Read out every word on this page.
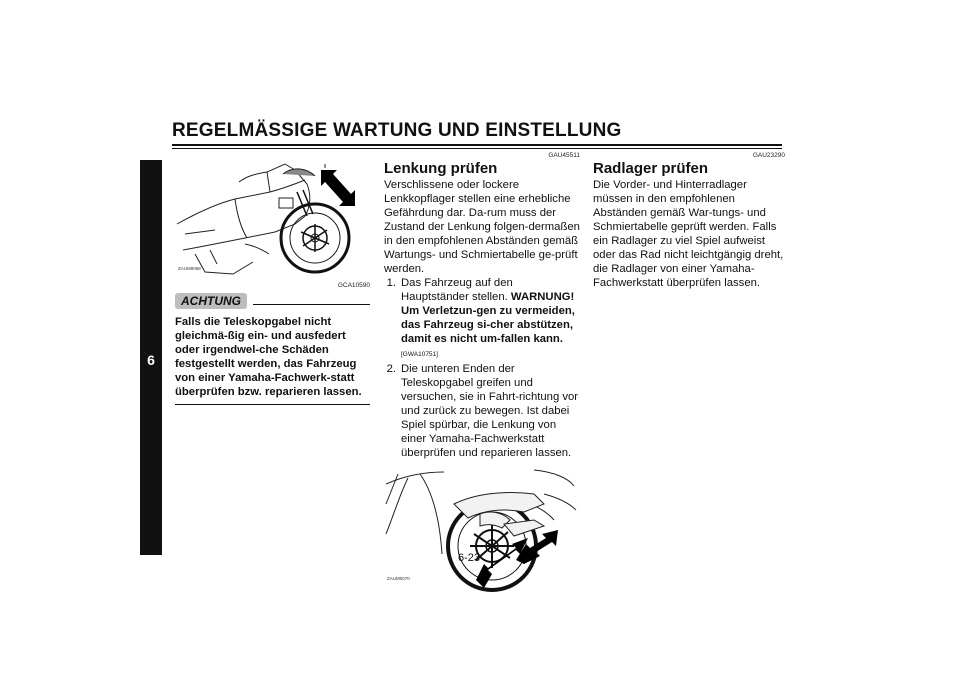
REGELMÄSSIGE WARTUNG UND EINSTELLUNG
6
ZAUM0068
GCA10590
ACHTUNG
Falls die Teleskopgabel nicht gleichmä-ßig ein- und ausfedert oder irgendwel-che Schäden festgestellt werden, das Fahrzeug von einer Yamaha-Fachwerk-statt überprüfen bzw. reparieren lassen.
GAU45511
Lenkung prüfen

Verschlissene oder lockere Lenkkopflager stellen eine erhebliche Gefährdung dar. Da-rum muss der Zustand der Lenkung folgen-dermaßen in den empfohlenen Abständen gemäß Wartungs- und Schmiertabelle ge-prüft werden.

1. Das Fahrzeug auf den Hauptständer stellen. WARNUNG! Um Verletzun-gen zu vermeiden, das Fahrzeug si-cher abstützen, damit es nicht um-fallen kann. [GWA10751]
2. Die unteren Enden der Teleskopgabel greifen und versuchen, sie in Fahrt-richtung vor und zurück zu bewegen. Ist dabei Spiel spürbar, die Lenkung von einer Yamaha-Fachwerkstatt überprüfen und reparieren lassen.
ZAUM0070
GAU23290
Radlager prüfen

Die Vorder- und Hinterradlager müssen in den empfohlenen Abständen gemäß War-tungs- und Schmiertabelle geprüft werden. Falls ein Radlager zu viel Spiel aufweist oder das Rad nicht leichtgängig dreht, die Radlager von einer Yamaha-Fachwerkstatt überprüfen lassen.

6-23
